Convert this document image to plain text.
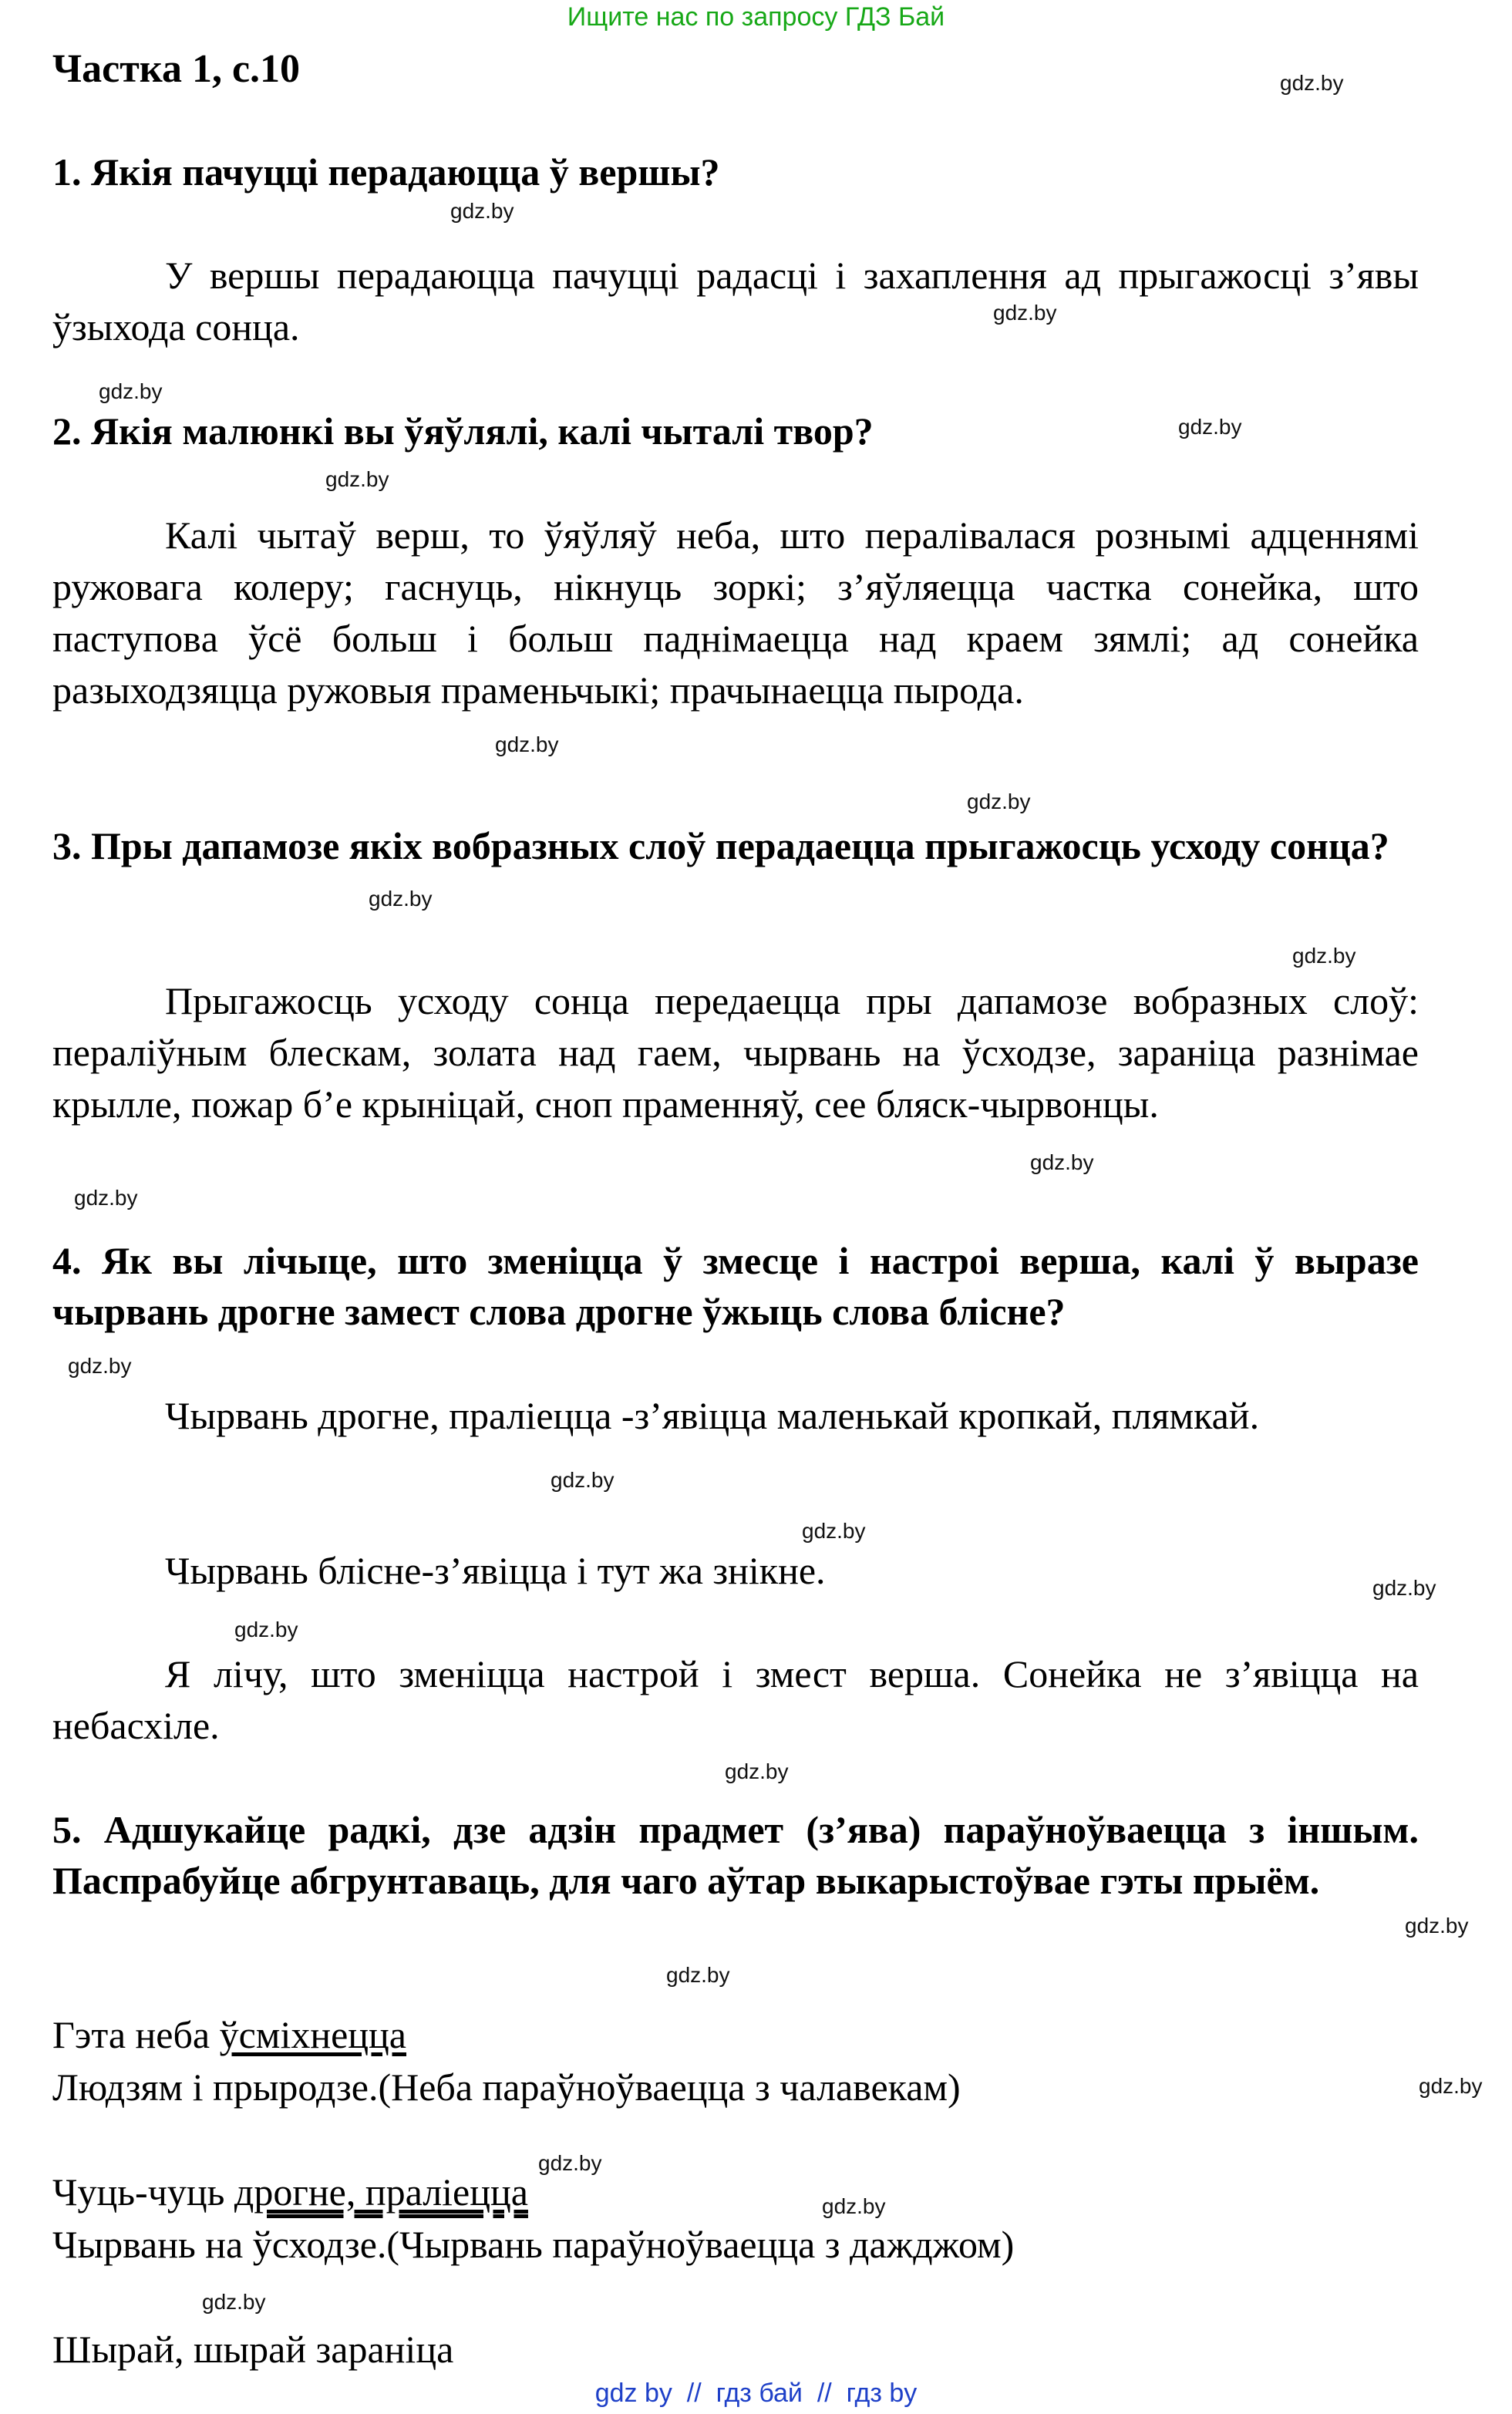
Ищите нас по запросу ГДЗ Бай
Частка 1, с.10
1. Якія пачуцці перадаюцца ў вершы?
У вершы перадаюцца пачуцці радасці і захаплення ад прыгажосці з’явы ўзыхода сонца.
2. Якія малюнкі вы ўяўлялі, калі чыталі твор?
Калі чытаў верш, то ўяўляў неба, што пералівалася рознымі адценнямі ружовага колеру; гаснуць, нікнуць зоркі; з’яўляецца частка сонейка, што паступовa ўсё больш і больш паднімаецца над краем зямлі; ад сонейка разыходзяцца ружовыя праменьчыкі; прачынаецца пырода.
3. Пры дапамозе якіх вобразных слоў перадаецца прыгажосць усходу сонца?
Прыгажосць усходу сонца передаецца пры дапамозе вобразных слоў: пераліўным блескам, золата над гаем, чырвань на ўсходзе, заранiца разнімае крылле, пожар б’е крыніцай, сноп праменняў, сее бляск-чырвонцы.
4. Як вы лічыце, што зменіцца ў змесце і настроі верша, калі ў выразе чырвань дрогне замест слова дрогне ўжыць слова блісне?
Чырвань дрогне, пралiецца -з’явіцца маленькай кропкай, плямкай.
Чырвань блісне-з’явіцца і тут жа знікне.
Я лічу, што зменіцца настрой і змест верша. Сонейка не з’явіцца на небасхіле.
5. Адшукайце радкі, дзе адзін прадмет (з’ява) параўноўваецца з іншым. Паспрабуйце абгрунтаваць, для чаго аўтар выкарыстоўвае гэты прыём.
Гэта неба ўсміхнецца
Людзям і прыродзе.(Неба параўноўваецца з чалавекам)
Чуць-чуць дрогне, пралiецца
Чырвань на ўсходзе.(Чырвань параўноўваецца з дажджом)
Шырай, шырай заранiца
gdz.by
gdz.by
gdz.by
gdz.by
gdz.by
gdz.by
gdz.by
gdz.by
gdz.by
gdz.by
gdz.by
gdz.by
gdz.by
gdz.by
gdz.by
gdz.by
gdz.by
gdz.by
gdz.by
gdz.by
gdz.by
gdz.by
gdz.by
gdz.by
gdz by  //  гдз бай  //  гдз by
